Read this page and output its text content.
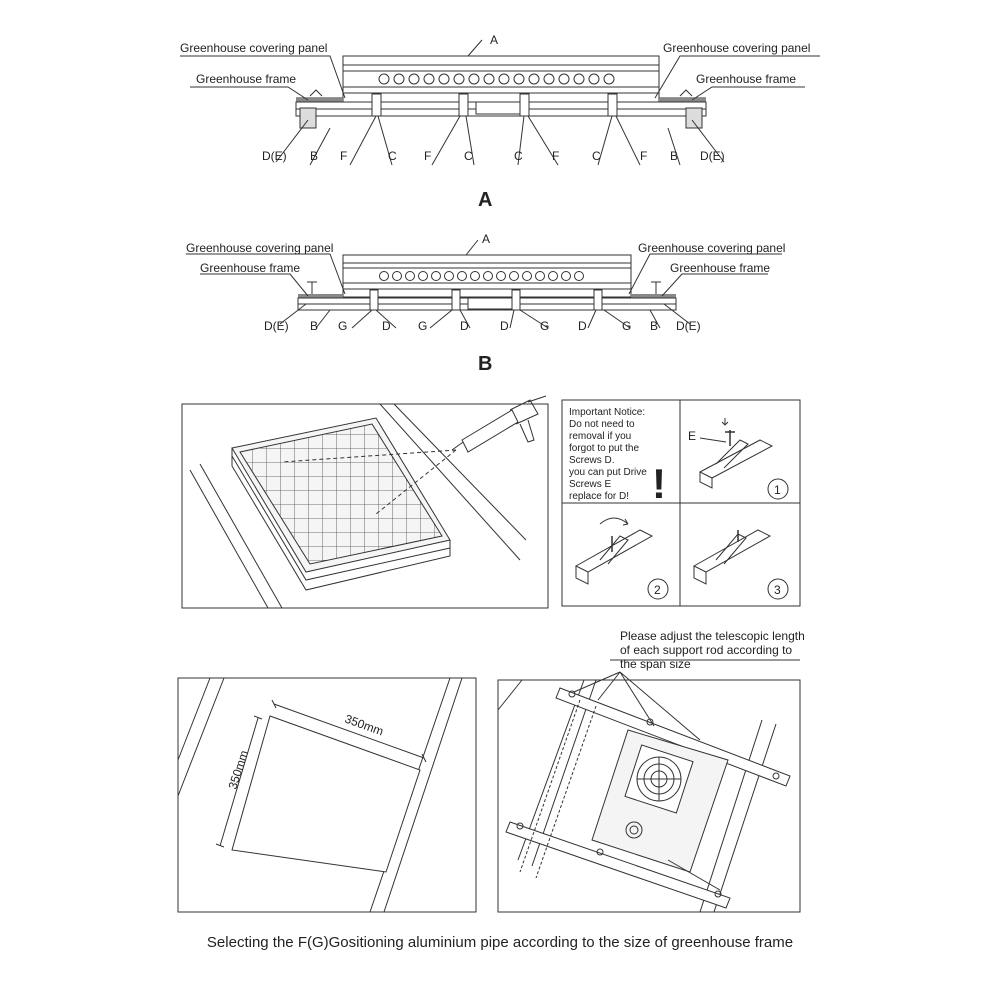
A
Greenhouse covering panel	Greenhouse covering panel
Greenhouse frame	Greenhouse frame
D(E) B F	C F	C	C F	C	F B D(E)
A
A
Greenhouse covering panel	Greenhouse covering panel
Greenhouse frame	Greenhouse frame
D(E) B G	D G	D	D	G D	G B D(E)
B
Important Notice:
Do not need to
removal if you
forgot to put the
Screws D.
you can put Drive
Screws E
replace for D! !
E
1
2	3
350mm
350mm
Please adjust the telescopic length
of each support rod according to
the span size
Selecting the F(G)Gositioning aluminium pipe according to the size of greenhouse frame
